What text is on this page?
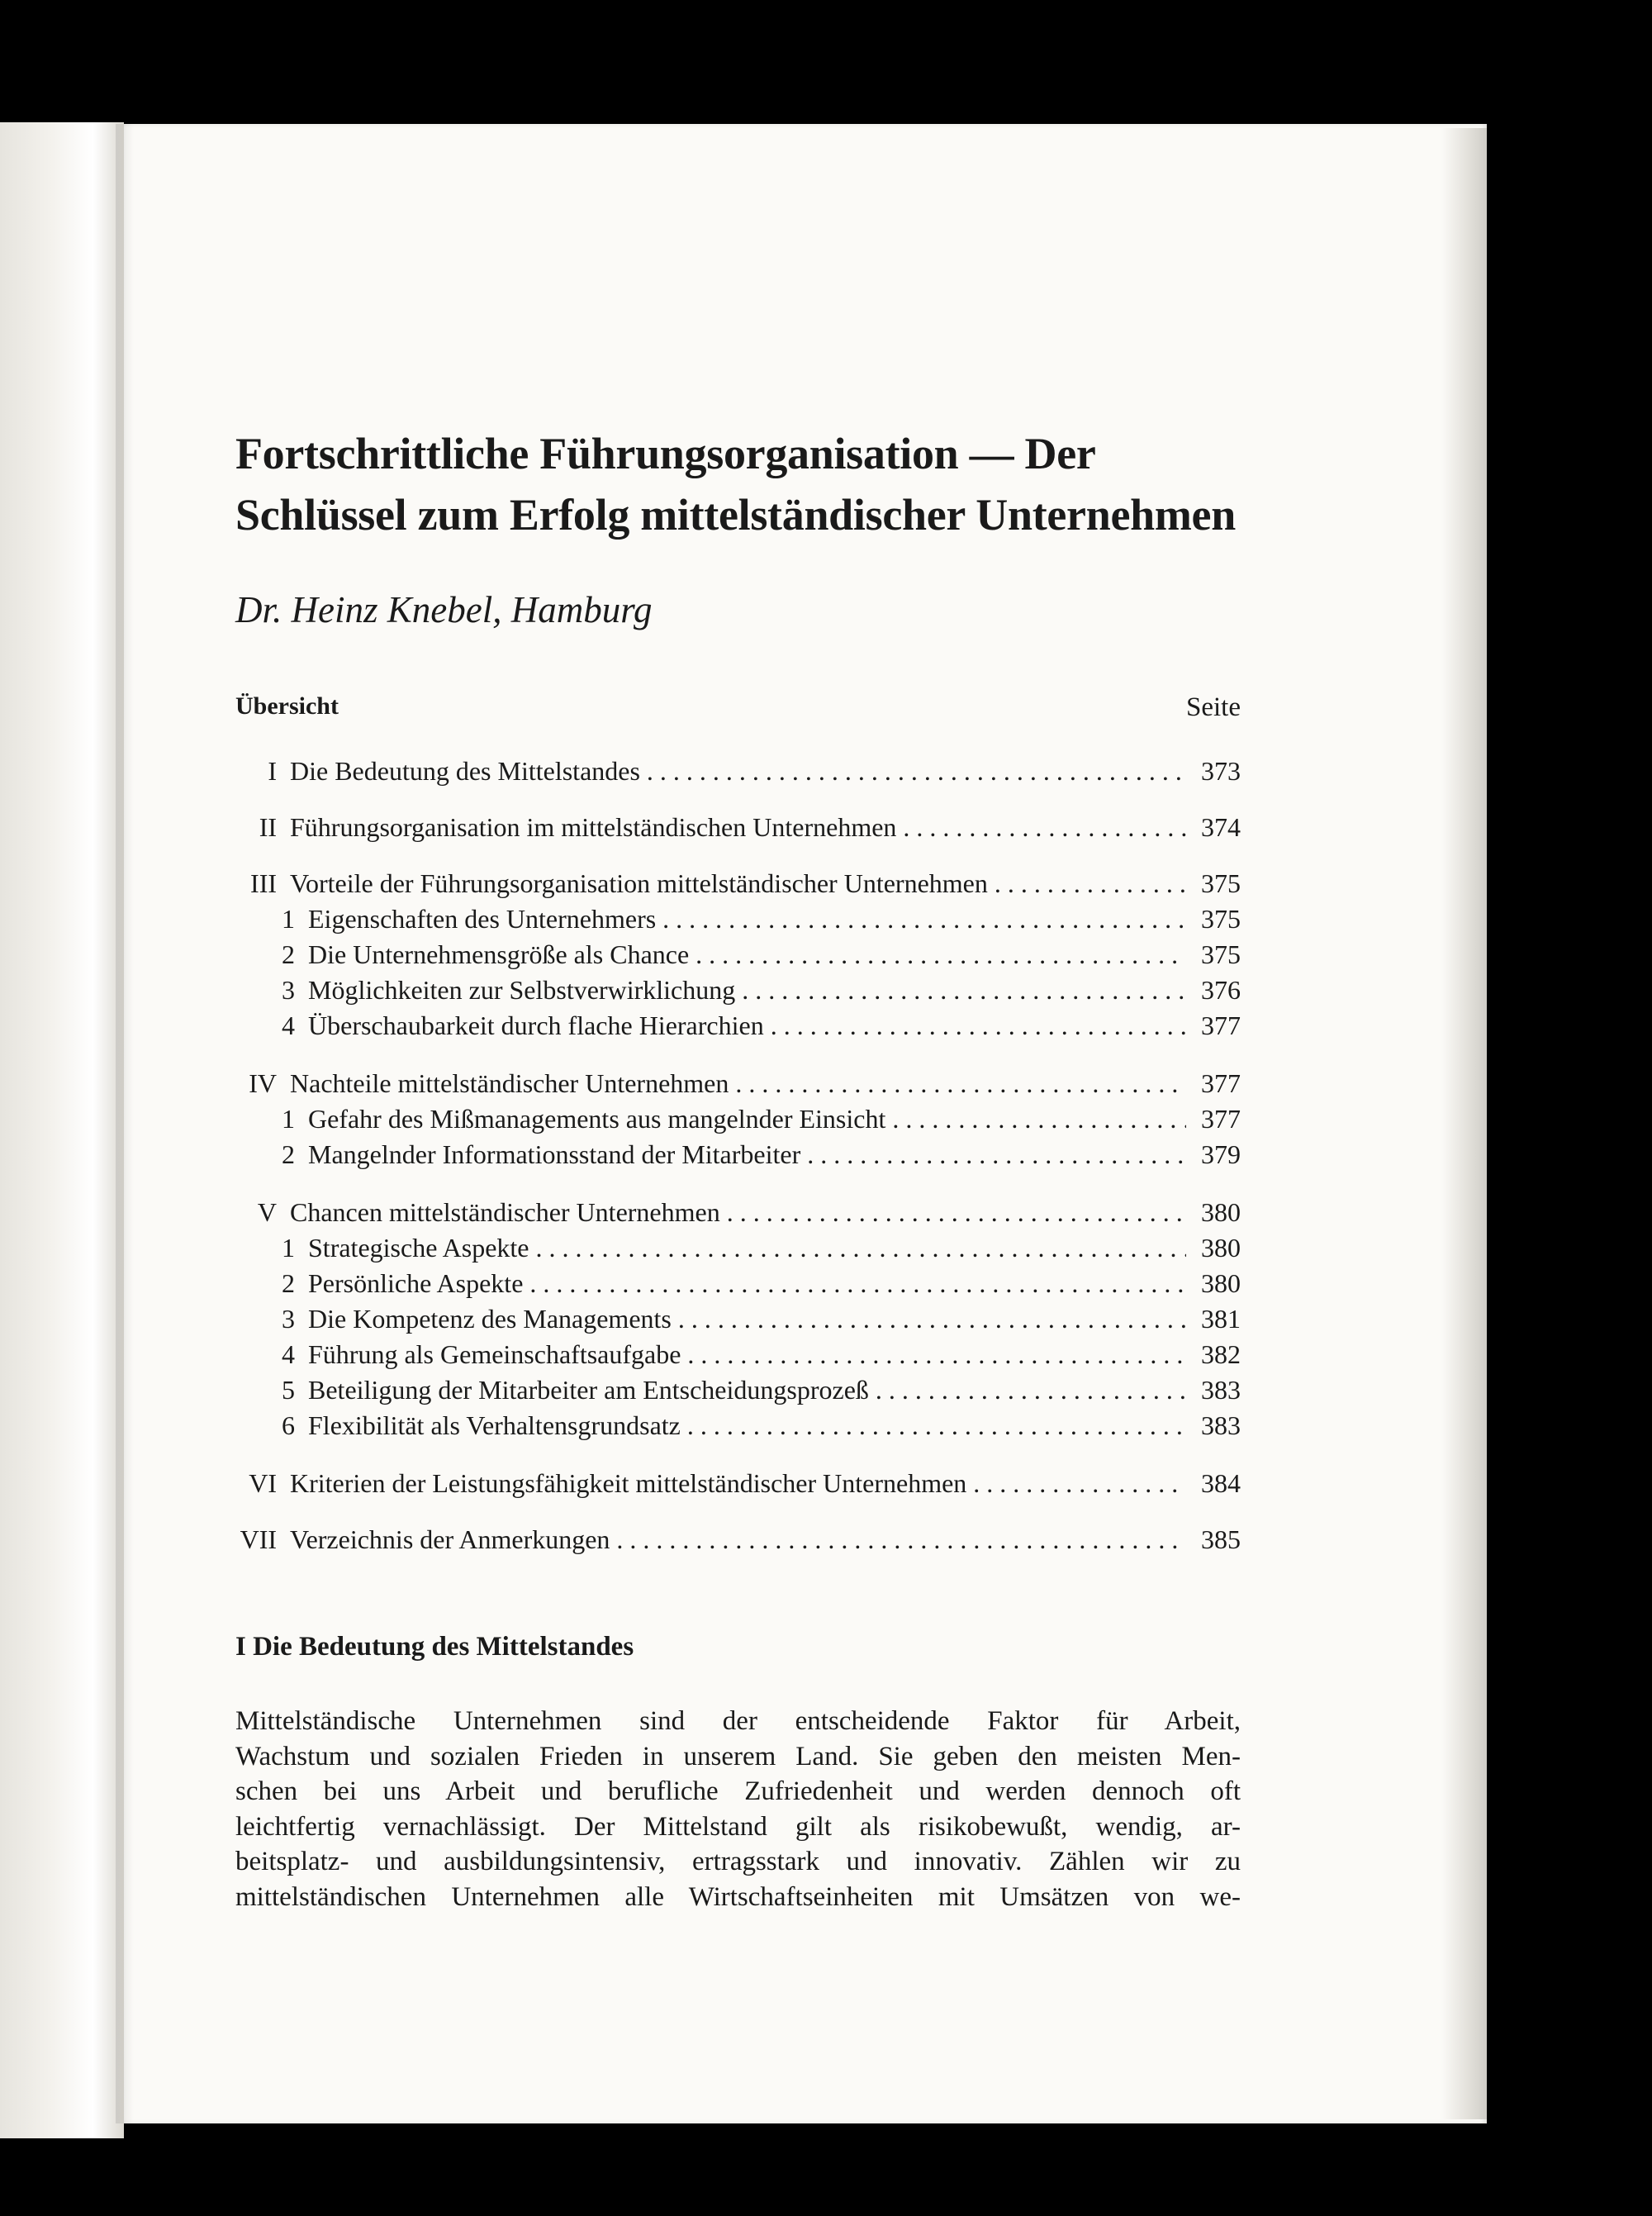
Fortschrittliche Führungsorganisation — Der
Schlüssel zum Erfolg mittelständischer Unternehmen
Dr. Heinz Knebel, Hamburg
Übersicht	Seite
I Die Bedeutung des Mittelstandes . . .	373
II Führungsorganisation im mittelständischen Unternehmen . . .	374
III Vorteile der Führungsorganisation mittelständischer Unternehmen . . .	375
1 Eigenschaften des Unternehmers . . .	375
2 Die Unternehmensgröße als Chance . . .	375
3 Möglichkeiten zur Selbstverwirklichung . . .	376
4 Überschaubarkeit durch flache Hierarchien . . .	377
IV Nachteile mittelständischer Unternehmen . . .	377
1 Gefahr des Mißmanagements aus mangelnder Einsicht . . .	377
2 Mangelnder Informationsstand der Mitarbeiter . . .	379
V Chancen mittelständischer Unternehmen . . .	380
1 Strategische Aspekte . . .	380
2 Persönliche Aspekte . . .	380
3 Die Kompetenz des Managements . . .	381
4 Führung als Gemeinschaftsaufgabe . . .	382
5 Beteiligung der Mitarbeiter am Entscheidungsprozeß . . .	383
6 Flexibilität als Verhaltensgrundsatz . . .	383
VI Kriterien der Leistungsfähigkeit mittelständischer Unternehmen . . .	384
VII Verzeichnis der Anmerkungen . . .	385
I Die Bedeutung des Mittelstandes
Mittelständische Unternehmen sind der entscheidende Faktor für Arbeit,
Wachstum und sozialen Frieden in unserem Land. Sie geben den meisten Men-
schen bei uns Arbeit und berufliche Zufriedenheit und werden dennoch oft
leichtfertig vernachlässigt. Der Mittelstand gilt als risikobewußt, wendig, ar-
beitsplatz- und ausbildungsintensiv, ertragsstark und innovativ. Zählen wir zu
mittelständischen Unternehmen alle Wirtschaftseinheiten mit Umsätzen von we-
